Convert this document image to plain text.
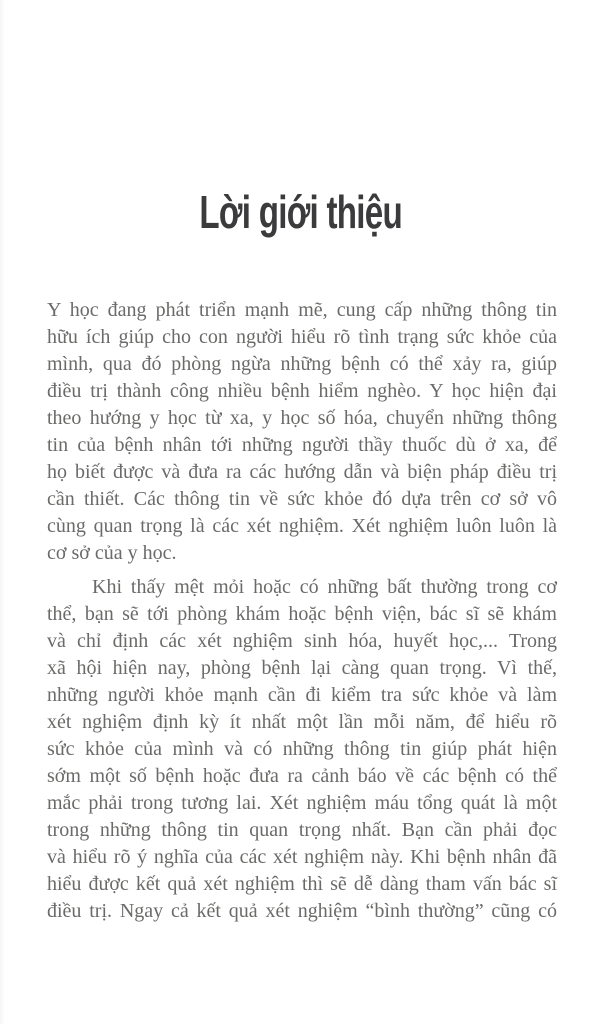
Lời giới thiệu
Y học đang phát triển mạnh mẽ, cung cấp những thông tin
hữu ích giúp cho con người hiểu rõ tình trạng sức khỏe của
mình, qua đó phòng ngừa những bệnh có thể xảy ra, giúp
điều trị thành công nhiều bệnh hiểm nghèo. Y học hiện đại
theo hướng y học từ xa, y học số hóa, chuyển những thông
tin của bệnh nhân tới những người thầy thuốc dù ở xa, để
họ biết được và đưa ra các hướng dẫn và biện pháp điều trị
cần thiết. Các thông tin về sức khỏe đó dựa trên cơ sở vô
cùng quan trọng là các xét nghiệm. Xét nghiệm luôn luôn là
cơ sở của y học.
Khi thấy mệt mỏi hoặc có những bất thường trong cơ
thể, bạn sẽ tới phòng khám hoặc bệnh viện, bác sĩ sẽ khám
và chỉ định các xét nghiệm sinh hóa, huyết học,... Trong
xã hội hiện nay, phòng bệnh lại càng quan trọng. Vì thế,
những người khỏe mạnh cần đi kiểm tra sức khỏe và làm
xét nghiệm định kỳ ít nhất một lần mỗi năm, để hiểu rõ
sức khỏe của mình và có những thông tin giúp phát hiện
sớm một số bệnh hoặc đưa ra cảnh báo về các bệnh có thể
mắc phải trong tương lai. Xét nghiệm máu tổng quát là một
trong những thông tin quan trọng nhất. Bạn cần phải đọc
và hiểu rõ ý nghĩa của các xét nghiệm này. Khi bệnh nhân đã
hiểu được kết quả xét nghiệm thì sẽ dễ dàng tham vấn bác sĩ
điều trị. Ngay cả kết quả xét nghiệm “bình thường” cũng có
